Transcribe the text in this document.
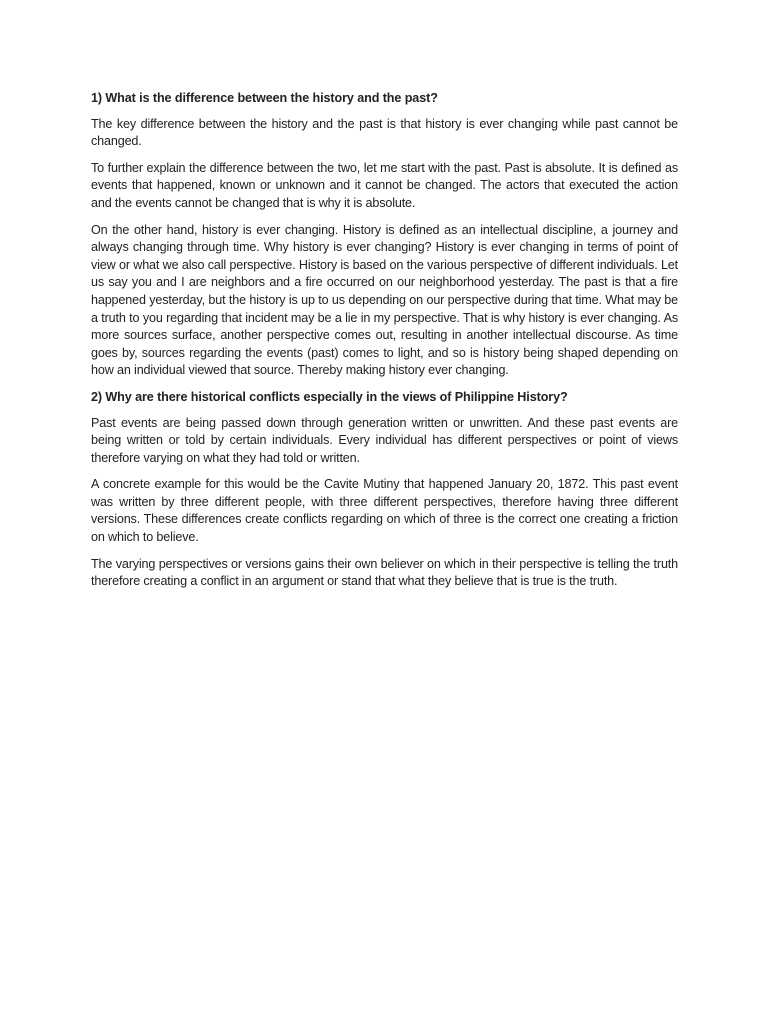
1) What is the difference between the history and the past?

The key difference between the history and the past is that history is ever changing while past cannot be changed.

To further explain the difference between the two, let me start with the past. Past is absolute. It is defined as events that happened, known or unknown and it cannot be changed. The actors that executed the action and the events cannot be changed that is why it is absolute.

On the other hand, history is ever changing. History is defined as an intellectual discipline, a journey and always changing through time. Why history is ever changing? History is ever changing in terms of point of view or what we also call perspective. History is based on the various perspective of different individuals. Let us say you and I are neighbors and a fire occurred on our neighborhood yesterday. The past is that a fire happened yesterday, but the history is up to us depending on our perspective during that time. What may be a truth to you regarding that incident may be a lie in my perspective. That is why history is ever changing. As more sources surface, another perspective comes out, resulting in another intellectual discourse. As time goes by, sources regarding the events (past) comes to light, and so is history being shaped depending on how an individual viewed that source. Thereby making history ever changing.

2) Why are there historical conflicts especially in the views of Philippine History?

Past events are being passed down through generation written or unwritten. And these past events are being written or told by certain individuals. Every individual has different perspectives or point of views therefore varying on what they had told or written.

A concrete example for this would be the Cavite Mutiny that happened January 20, 1872. This past event was written by three different people, with three different perspectives, therefore having three different versions. These differences create conflicts regarding on which of three is the correct one creating a friction on which to believe.

The varying perspectives or versions gains their own believer on which in their perspective is telling the truth therefore creating a conflict in an argument or stand that what they believe that is true is the truth.
